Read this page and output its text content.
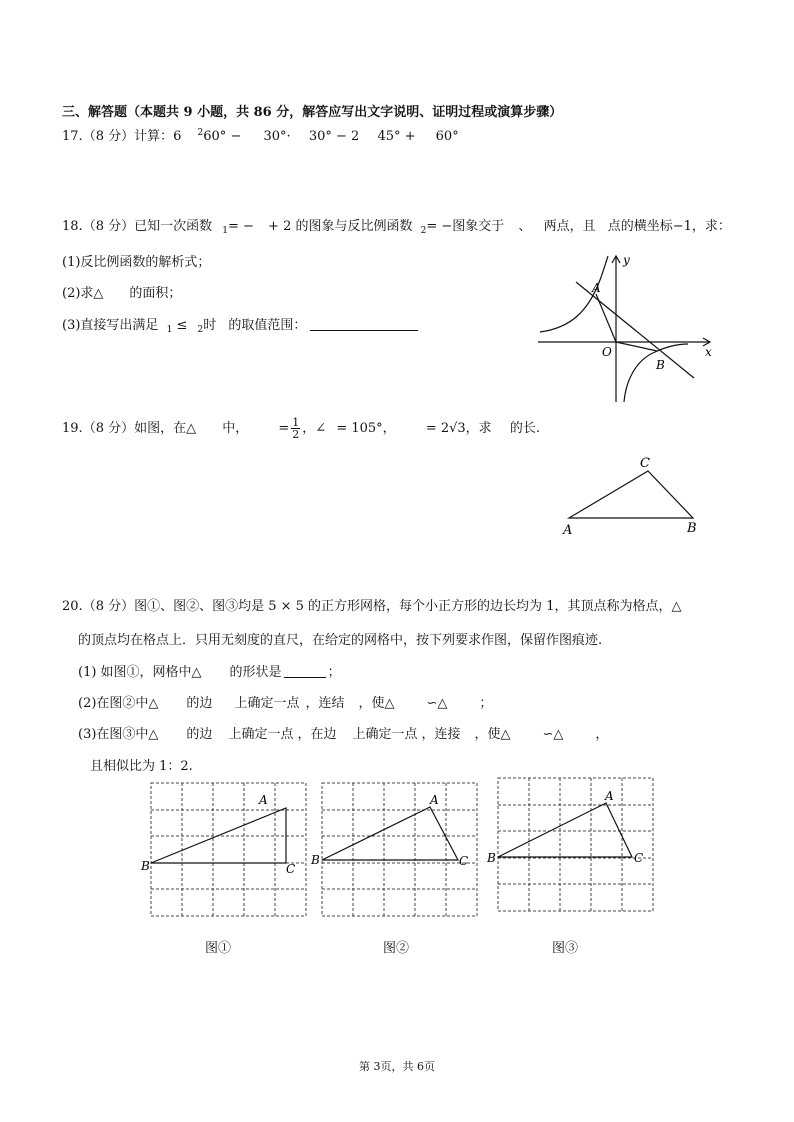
三、解答题（本题共 9 小题，共 86 分，解答应写出文字说明、证明过程或演算步骤）
17.（8 分）计算：6 $^2$60° − 30°· 30° − 2 45° + 60°
18.（8 分）已知一次函数 $_1$= − + 2 的图象与反比例函数 $_2$= −图象交于 、 两点，且 点的横坐标−1，求：
(1)反比例函数的解析式；
(2)求△ 的面积；
(3)直接写出满足 $_1$ ≤ $_2$时 的取值范围：
y
x
O
A
B
19.（8 分）如图，在△ 中， = $\frac{1}{2}$ ，∠ = 105°， = 2√3，求 的长.
A	B
C
20.（8 分）图①、图②、图③均是 5 × 5 的正方形网格，每个小正方形的边长均为 1，其顶点称为格点，△
的顶点均在格点上．只用无刻度的直尺，在给定的网格中，按下列要求作图，保留作图痕迹.
(1) 如图①，网格中△ 的形状是	；
(2)在图②中△ 的边 上确定一点 ，连结 ，使△ ∽△ ；
(3)在图③中△ 的边 上确定一点 ，在边 上确定一点 ，连接 ，使△ ∽△ ，
且相似比为 1：2.
A
B	C
A
B	C
A
B	C
图①	图②	图③
第 3页，共 6页
